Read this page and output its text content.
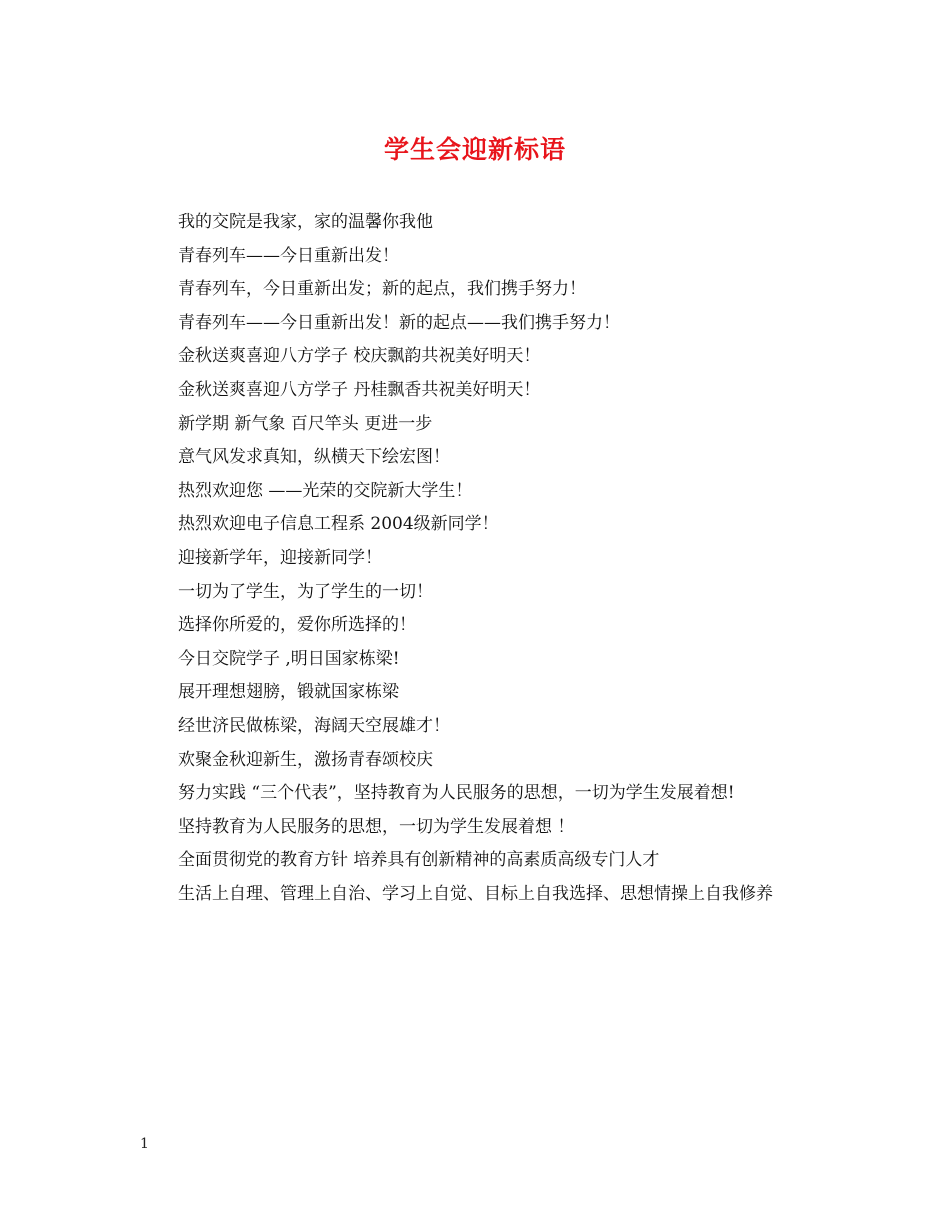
学生会迎新标语
我的交院是我家，家的温馨你我他
青春列车——今日重新出发！
青春列车，今日重新出发；新的起点，我们携手努力！
青春列车——今日重新出发！新的起点——我们携手努力！
金秋送爽喜迎八方学子 校庆飘韵共祝美好明天！
金秋送爽喜迎八方学子 丹桂飘香共祝美好明天！
新学期 新气象 百尺竿头 更进一步
意气风发求真知，纵横天下绘宏图！
热烈欢迎您 ——光荣的交院新大学生！
热烈欢迎电子信息工程系 2004级新同学！
迎接新学年，迎接新同学！
一切为了学生，为了学生的一切！
选择你所爱的，爱你所选择的！
今日交院学子 ,明日国家栋梁!
展开理想翅膀，锻就国家栋梁
经世济民做栋梁，海阔天空展雄才！
欢聚金秋迎新生，激扬青春颂校庆
努力实践 “三个代表”，坚持教育为人民服务的思想，一切为学生发展着想!
坚持教育为人民服务的思想，一切为学生发展着想 ！
全面贯彻党的教育方针 培养具有创新精神的高素质高级专门人才
生活上自理、管理上自治、学习上自觉、目标上自我选择、思想情操上自我修养
1
